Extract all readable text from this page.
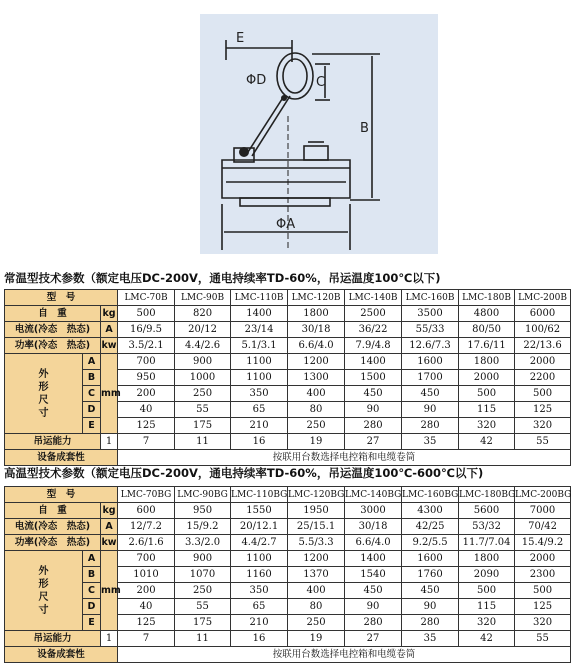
E
ΦD	C
B
ΦA
常温型技术参数（额定电压DC-200V，通电持续率TD-60%，吊运温度100℃以下)
型　号			LMC-70B	LMC-90B	LMC-110B	LMC-120B	LMC-140B	LMC-160B	LMC-180B	LMC-200B
自　重		kg	500	820	1400	1800	2500	3500	4800	6000
电流(冷态　热态)		A	16/9.5	20/12	23/14	30/18	36/22	55/33	80/50	100/62
功率(冷态　热态)		kw	3.5/2.1	4.4/2.6	5.1/3.1	6.6/4.0	7.9/4.8	12.6/7.3	17.6/11	22/13.6

外
形
尺
寸	A	mm	700	900	1100	1200	1400	1600	1800	2000
	B		950	1000	1100	1300	1500	1700	2000	2200
	C		200	250	350	400	450	450	500	500
	D		40	55	65	80	90	90	115	125
	E		125	175	210	250	280	280	320	320
吊运能力		1	7	11	16	19	27	35	42	55
设备成套性			按联用台数选择电控箱和电缆卷筒							
高温型技术参数（额定电压DC-200V，通电持续率TD-60%，吊运温度100℃-600℃以下)
型　号			LMC-70BG	LMC-90BG	LMC-110BG	LMC-120BG	LMC-140BG	LMC-160BG	LMC-180BG	LMC-200BG
自　重		kg	600	950	1550	1950	3000	4300	5600	7000
电流(冷态　热态)		A	12/7.2	15/9.2	20/12.1	25/15.1	30/18	42/25	53/32	70/42
功率(冷态　热态)		kw	2.6/1.6	3.3/2.0	4.4/2.7	5.5/3.3	6.6/4.0	9.2/5.5	11.7/7.04	15.4/9.2

外
形
尺
寸	A	mm	700	900	1100	1200	1400	1600	1800	2000
	B		1010	1070	1160	1370	1540	1760	2090	2300
	C		200	250	350	400	450	450	500	500
	D		40	55	65	80	90	90	115	125
	E		125	175	210	250	280	280	320	320
吊运能力		1	7	11	16	19	27	35	42	55
设备成套性			按联用台数选择电控箱和电缆卷筒							
